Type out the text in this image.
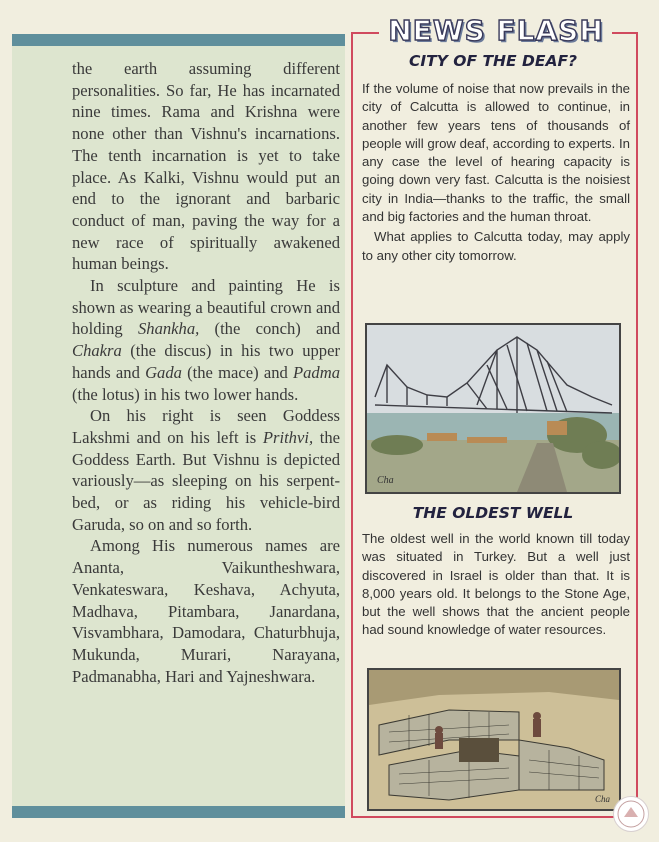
the earth assuming different personalities. So far, He has incarnated nine times. Rama and Krishna were none other than Vishnu's incarnations. The tenth incarnation is yet to take place. As Kalki, Vishnu would put an end to the ignorant and barbaric conduct of man, paving the way for a new race of spiritually awakened human beings.

In sculpture and painting He is shown as wearing a beautiful crown and holding Shankha, (the conch) and Chakra (the discus) in his two upper hands and Gada (the mace) and Padma (the lotus) in his two lower hands.

On his right is seen Goddess Lakshmi and on his left is Prithvi, the Goddess Earth. But Vishnu is depicted variously—as sleeping on his serpent-bed, or as riding his vehicle-bird Garuda, so on and so forth.

Among His numerous names are Ananta, Vaikuntheshwara, Venkateswara, Keshava, Achyuta, Madhava, Pitambara, Janardana, Visvambhara, Damodara, Chaturbhuja, Mukunda, Murari, Narayana, Padmanabha, Hari and Yajneshwara.

NEWS FLASH
CITY OF THE DEAF?

If the volume of noise that now prevails in the city of Calcutta is allowed to continue, in another few years tens of thousands of people will grow deaf, according to experts. In any case the level of hearing capacity is going down very fast. Calcutta is the noisiest city in India—thanks to the traffic, the small and big factories and the human throat.

What applies to Calcutta today, may apply to any other city tomorrow.

Cha
THE OLDEST WELL

The oldest well in the world known till today was situated in Turkey. But a well just discovered in Israel is older than that. It is 8,000 years old. It belongs to the Stone Age, but the well shows that the ancient people had sound knowledge of water resources.

Cha
